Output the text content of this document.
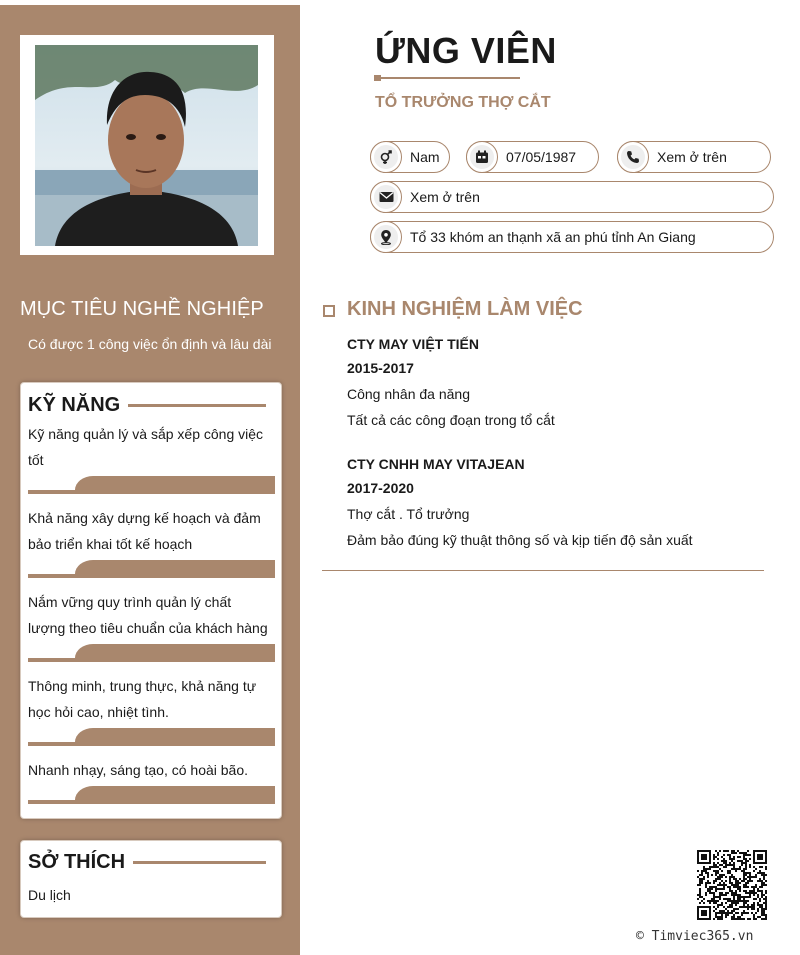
MỤC TIÊU NGHỀ NGHIỆP
Có được 1 công việc ổn định và lâu dài
KỸ NĂNG
Kỹ năng quản lý và sắp xếp công việc tốt
Khả năng xây dựng kế hoạch và đảm bảo triển khai tốt kế hoạch
Nắm vững quy trình quản lý chất lượng theo tiêu chuẩn của khách hàng
Thông minh, trung thực, khả năng tự học hỏi cao, nhiệt tình.
Nhanh nhạy, sáng tạo, có hoài bão.
SỞ THÍCH
Du lịch
ỨNG VIÊN
TỔ TRƯỞNG THỢ CẮT
Nam	07/05/1987	Xem ở trên
Xem ở trên
Tổ 33 khóm an thạnh xã an phú tỉnh An Giang
KINH NGHIỆM LÀM VIỆC
CTY MAY VIỆT TIẾN
2015-2017
Công nhân đa năng
Tất cả các công đoạn trong tổ cắt
CTY CNHH MAY VITAJEAN
2017-2020
Thợ cắt . Tổ trưởng
Đảm bảo đúng kỹ thuật thông số và kịp tiến độ sản xuất
© Timviec365.vn
